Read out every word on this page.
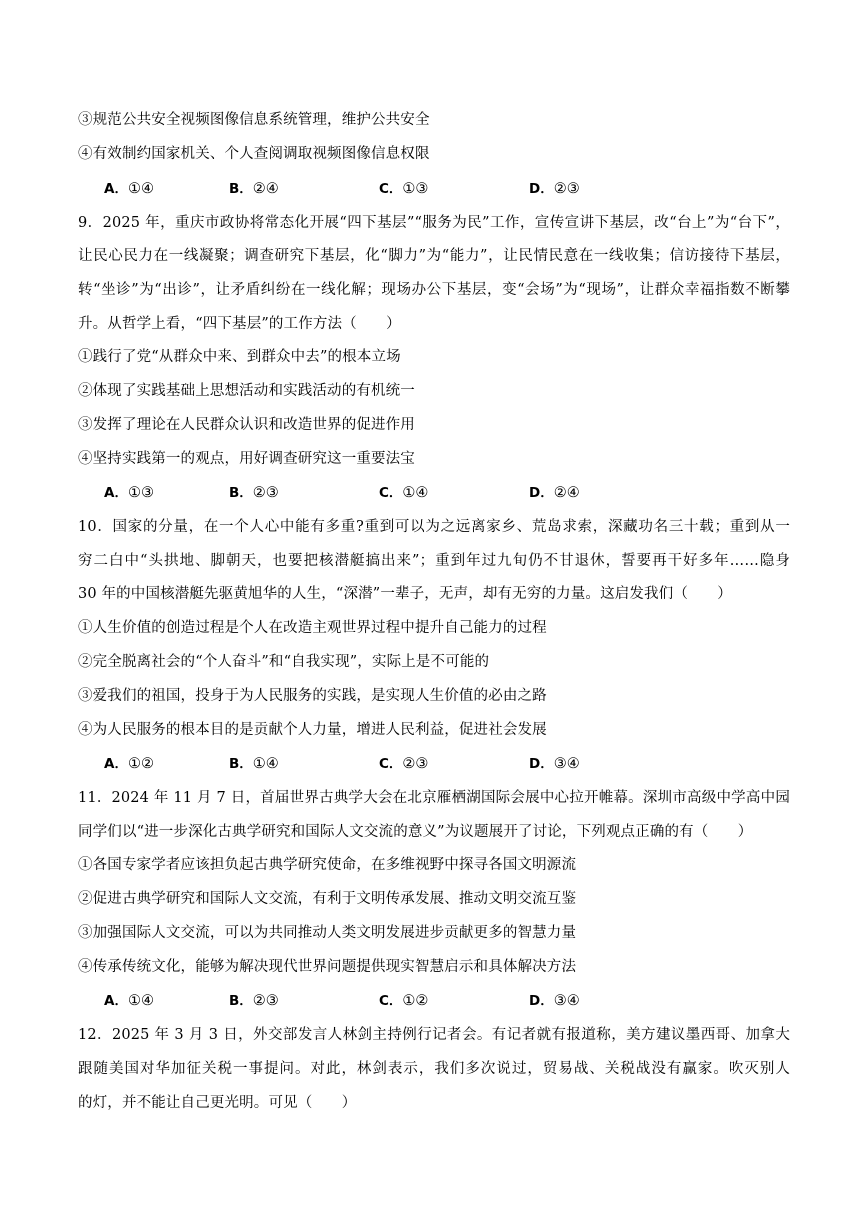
③规范公共安全视频图像信息系统管理，维护公共安全
④有效制约国家机关、个人查阅调取视频图像信息权限
A．①④	B．②④	C．①③	D．②③
9．2025 年，重庆市政协将常态化开展“四下基层”“服务为民”工作，宣传宣讲下基层，改“台上”为“台下”，
让民心民力在一线凝聚；调查研究下基层，化“脚力”为“能力”，让民情民意在一线收集；信访接待下基层，
转“坐诊”为“出诊”，让矛盾纠纷在一线化解；现场办公下基层，变“会场”为“现场”，让群众幸福指数不断攀
升。从哲学上看，“四下基层”的工作方法（　　）
①践行了党“从群众中来、到群众中去”的根本立场
②体现了实践基础上思想活动和实践活动的有机统一
③发挥了理论在人民群众认识和改造世界的促进作用
④坚持实践第一的观点，用好调查研究这一重要法宝
A．①③	B．②③	C．①④	D．②④
10．国家的分量，在一个人心中能有多重?重到可以为之远离家乡、荒岛求索，深藏功名三十载；重到从一
穷二白中“头拱地、脚朝天，也要把核潜艇搞出来”；重到年过九旬仍不甘退休，誓要再干好多年……隐身
30 年的中国核潜艇先驱黄旭华的人生，“深潜”一辈子，无声，却有无穷的力量。这启发我们（　　）
①人生价值的创造过程是个人在改造主观世界过程中提升自己能力的过程
②完全脱离社会的“个人奋斗”和“自我实现”，实际上是不可能的
③爱我们的祖国，投身于为人民服务的实践，是实现人生价值的必由之路
④为人民服务的根本目的是贡献个人力量，增进人民利益，促进社会发展
A．①②	B．①④	C．②③	D．③④
11．2024 年 11 月 7 日，首届世界古典学大会在北京雁栖湖国际会展中心拉开帷幕。深圳市高级中学高中园
同学们以“进一步深化古典学研究和国际人文交流的意义”为议题展开了讨论，下列观点正确的有（　　）
①各国专家学者应该担负起古典学研究使命，在多维视野中探寻各国文明源流
②促进古典学研究和国际人文交流，有利于文明传承发展、推动文明交流互鉴
③加强国际人文交流，可以为共同推动人类文明发展进步贡献更多的智慧力量
④传承传统文化，能够为解决现代世界问题提供现实智慧启示和具体解决方法
A．①④	B．②③	C．①②	D．③④
12．2025 年 3 月 3 日，外交部发言人林剑主持例行记者会。有记者就有报道称，美方建议墨西哥、加拿大
跟随美国对华加征关税一事提问。对此，林剑表示，我们多次说过，贸易战、关税战没有赢家。吹灭别人
的灯，并不能让自己更光明。可见（　　）
